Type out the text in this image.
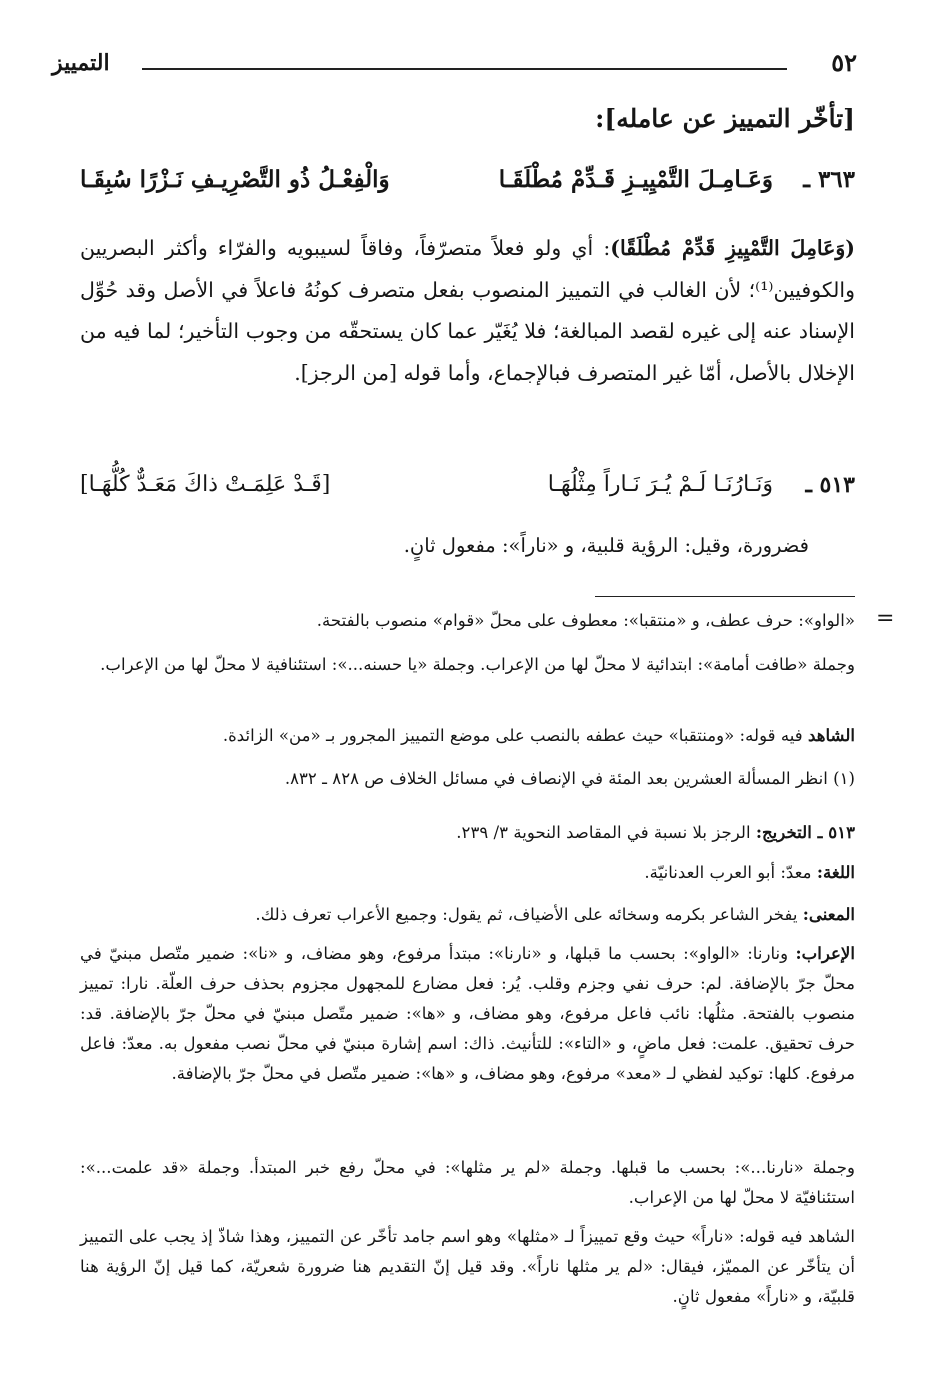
٥٢
التمييز
[تأخّر التمييز عن عامله]:
٣٦٣ ـ
وَعَـامِـلَ التَّمْيِيـزِ قَـدِّمْ مُطْلَقَـا
وَالْفِعْـلُ ذُو التَّصْرِيـفِ نَـزْرًا سُبِقَـا
(وَعَامِلَ التَّمْيِيزِ قَدِّمْ مُطْلَقًا): أي ولو فعلاً متصرّفاً، وفاقاً لسيبويه والفرّاء وأكثر البصريين والكوفيين⁽¹⁾؛ لأن الغالب في التمييز المنصوب بفعل متصرف كونُهُ فاعلاً في الأصل وقد حُوِّل الإسناد عنه إلى غيره لقصد المبالغة؛ فلا يُغَيّر عما كان يستحقّه من وجوب التأخير؛ لما فيه من الإخلال بالأصل، أمّا غير المتصرف فبالإجماع، وأما قوله [من الرجز].
٥١٣ ـ
وَنَـارُنَـا لَـمْ يُـرَ نَـاراً مِثْلُهَـا
[قَـدْ عَلِمَـتْ ذاكَ مَعَـدٌّ كُلُّهَـا]
فضرورة، وقيل: الرؤية قلبية، و «ناراً»: مفعول ثانٍ.
=
«الواو»: حرف عطف، و «منتقبا»: معطوف على محلّ «قوام» منصوب بالفتحة.
وجملة «طافت أمامة»: ابتدائية لا محلّ لها من الإعراب. وجملة «يا حسنه...»: استئنافية لا محلّ لها من الإعراب.
الشاهد فيه قوله: «ومنتقبا» حيث عطفه بالنصب على موضع التمييز المجرور بـ «من» الزائدة.
(١) انظر المسألة العشرين بعد المئة في الإنصاف في مسائل الخلاف ص ٨٢٨ ـ ٨٣٢.
٥١٣ ـ التخريج: الرجز بلا نسبة في المقاصد النحوية ٣/ ٢٣٩.
اللغة: معدّ: أبو العرب العدنانيّة.
المعنى: يفخر الشاعر بكرمه وسخائه على الأضياف، ثم يقول: وجميع الأعراب تعرف ذلك.
الإعراب: ونارنا: «الواو»: بحسب ما قبلها، و «نارنا»: مبتدأ مرفوع، وهو مضاف، و «نا»: ضمير متّصل مبنيّ في محلّ جرّ بالإضافة. لم: حرف نفي وجزم وقلب. يُر: فعل مضارع للمجهول مجزوم بحذف حرف العلّة. نارا: تمييز منصوب بالفتحة. مثلُها: نائب فاعل مرفوع، وهو مضاف، و «ها»: ضمير متّصل مبنيّ في محلّ جرّ بالإضافة. قد: حرف تحقيق. علمت: فعل ماضٍ، و «التاء»: للتأنيث. ذاك: اسم إشارة مبنيّ في محلّ نصب مفعول به. معدّ: فاعل مرفوع. كلها: توكيد لفظي لـ «معد» مرفوع، وهو مضاف، و «ها»: ضمير متّصل في محلّ جرّ بالإضافة.
وجملة «نارنا...»: بحسب ما قبلها. وجملة «لم ير مثلها»: في محلّ رفع خبر المبتدأ. وجملة «قد علمت...»: استئنافيّة لا محلّ لها من الإعراب.
الشاهد فيه قوله: «ناراً» حيث وقع تمييزاً لـ «مثلها» وهو اسم جامد تأخّر عن التمييز، وهذا شاذّ إذ يجب على التمييز أن يتأخّر عن المميّز، فيقال: «لم ير مثلها ناراً». وقد قيل إنّ التقديم هنا ضرورة شعريّة، كما قيل إنّ الرؤية هنا قلبيّة، و «ناراً» مفعول ثانٍ.
